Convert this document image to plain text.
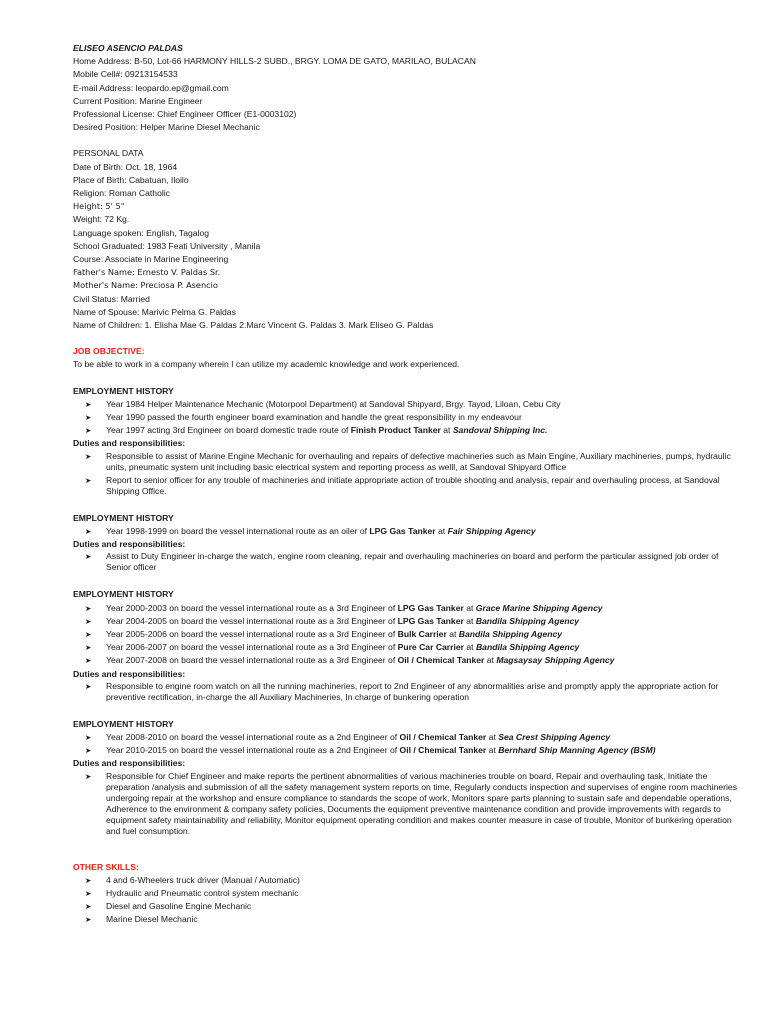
ELISEO ASENCIO PALDAS
Home Address: B-50, Lot-66 HARMONY HILLS-2 SUBD., BRGY. LOMA DE GATO, MARILAO, BULACAN
Mobile Cell#: 09213154533
E-mail Address: leopardo.ep@gmail.com
Current Position: Marine Engineer
Professional License: Chief Engineer Officer (E1-0003102)
Desired Position: Helper Marine Diesel Mechanic
PERSONAL DATA
Date of Birth: Oct. 18, 1964
Place of Birth: Cabatuan, Iloilo
Religion: Roman Catholic
Height: 5' 5"
Weight: 72 Kg.
Language spoken: English, Tagalog
School Graduated: 1983 Feati University , Manila
Course: Associate in Marine Engineering
Father's Name: Ernesto V. Paldas Sr.
Mother's Name: Preciosa P. Asencio
Civil Status: Married
Name of Spouse: Marivic Pelma G. Paldas
Name of Children: 1. Elisha Mae G. Paldas 2.Marc Vincent G. Paldas 3. Mark Eliseo G. Paldas
JOB OBJECTIVE:
To be able to work in a company wherein I can utilize my academic knowledge and work experienced.
EMPLOYMENT HISTORY
➤ Year 1984 Helper Maintenance Mechanic (Motorpool Department) at Sandoval Shipyard, Brgy. Tayod, Liloan, Cebu City
➤ Year 1990 passed the fourth engineer board examination and handle the great responsibility in my endeavour
➤ Year 1997 acting 3rd Engineer on board domestic trade route of Finish Product Tanker at Sandoval Shipping Inc.
Duties and responsibilities:
➤ Responsible to assist of Marine Engine Mechanic for overhauling and repairs of defective machineries such as Main Engine, Auxiliary machineries, pumps, hydraulic units, pneumatic system unit including basic electrical system and reporting process as welll, at Sandoval Shipyard Office
➤ Report to senior officer for any trouble of machineries and initiate appropriate action of trouble shooting and analysis, repair and overhauling process, at Sandoval Shipping Office.
EMPLOYMENT HISTORY
➤ Year 1998-1999 on board the vessel international route as an oiler of LPG Gas Tanker at Fair Shipping Agency
Duties and responsibilities:
➤ Assist to Duty Engineer in-charge the watch, engine room cleaning, repair and overhauling machineries on board and perform the particular assigned job order of Senior officer
EMPLOYMENT HISTORY
➤ Year 2000-2003 on board the vessel international route as a 3rd Engineer of LPG Gas Tanker at Grace Marine Shipping Agency
➤ Year 2004-2005 on board the vessel international route as a 3rd Engineer of LPG Gas Tanker at Bandila Shipping Agency
➤ Year 2005-2006 on board the vessel international route as a 3rd Engineer of Bulk Carrier at Bandila Shipping Agency
➤ Year 2006-2007 on board the vessel international route as a 3rd Engineer of Pure Car Carrier at Bandila Shipping Agency
➤ Year 2007-2008 on board the vessel international route as a 3rd Engineer of Oil / Chemical Tanker at Magsaysay Shipping Agency
Duties and responsibilities:
➤ Responsible to engine room watch on all the running machineries, report to 2nd Engineer of any abnormalities arise and promptly apply the appropriate action for preventive rectification, in-charge the all Auxiliary Machineries, In charge of bunkering operation
EMPLOYMENT HISTORY
➤ Year 2008-2010 on board the vessel international route as a 2nd Engineer of Oil / Chemical Tanker at Sea Crest Shipping Agency
➤ Year 2010-2015 on board the vessel international route as a 2nd Engineer of Oil / Chemical Tanker at Bernhard Ship Manning Agency (BSM)
Duties and responsibilities:
➤ Responsible for Chief Engineer and make reports the pertinent abnormalities of various machineries trouble on board, Repair and overhauling task, Initiate the preparation /analysis and submission of all the safety management system reports on time, Regularly conducts inspection and supervises of engine room machineries undergoing repair at the workshop and ensure compliance to standards the scope of work, Monitors spare parts planning to sustain safe and dependable operations, Adherence to the environment & company safety policies, Documents the equipment preventive maintenance condition and provide improvements with regards to equipment safety maintainability and reliability, Monitor equipment operating condition and makes counter measure in case of trouble, Monitor of bunkering operation and fuel consumption.
OTHER SKILLS:
➤ 4 and 6-Wheelers truck driver (Manual / Automatic)
➤ Hydraulic and Pneumatic control system mechanic
➤ Diesel and Gasoline Engine Mechanic
➤ Marine Diesel Mechanic
